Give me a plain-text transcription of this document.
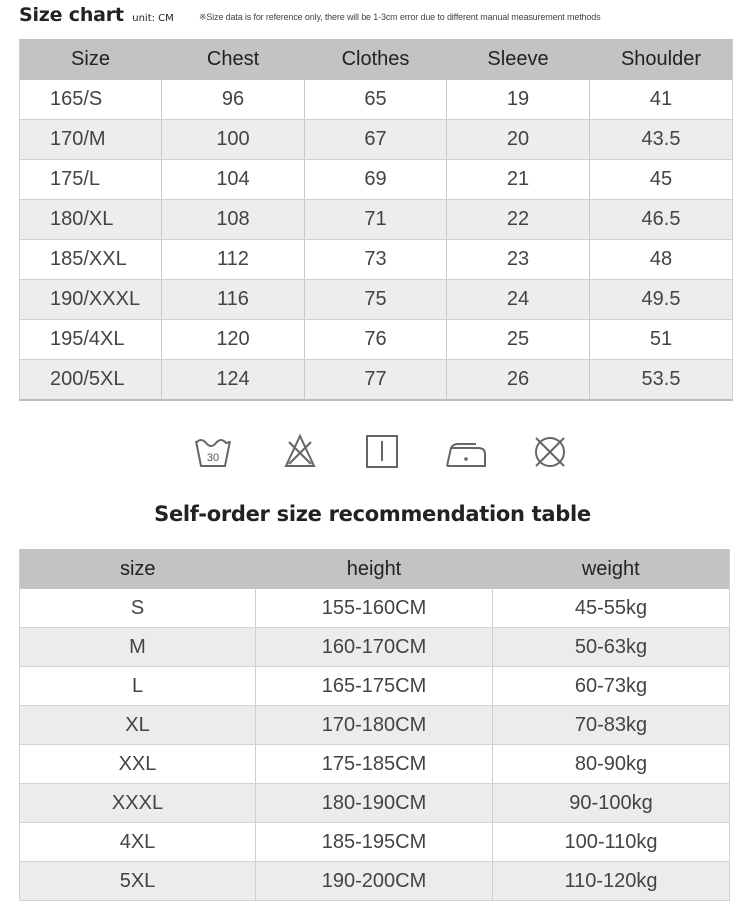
Size chart unit: CM	※Size data is for reference only, there will be 1-3cm error due to different manual measurement methods
Size	Chest	Clothes	Sleeve	Shoulder
165/S	96	65	19	41
170/M	100	67	20	43.5
175/L	104	69	21	45
180/XL	108	71	22	46.5
185/XXL	112	73	23	48
190/XXXL	116	75	24	49.5
195/4XL	120	76	25	51
200/5XL	124	77	26	53.5
30
Self-order size recommendation table
size	height	weight
S	155-160CM	45-55kg
M	160-170CM	50-63kg
L	165-175CM	60-73kg
XL	170-180CM	70-83kg
XXL	175-185CM	80-90kg
XXXL	180-190CM	90-100kg
4XL	185-195CM	100-110kg
5XL	190-200CM	110-120kg
